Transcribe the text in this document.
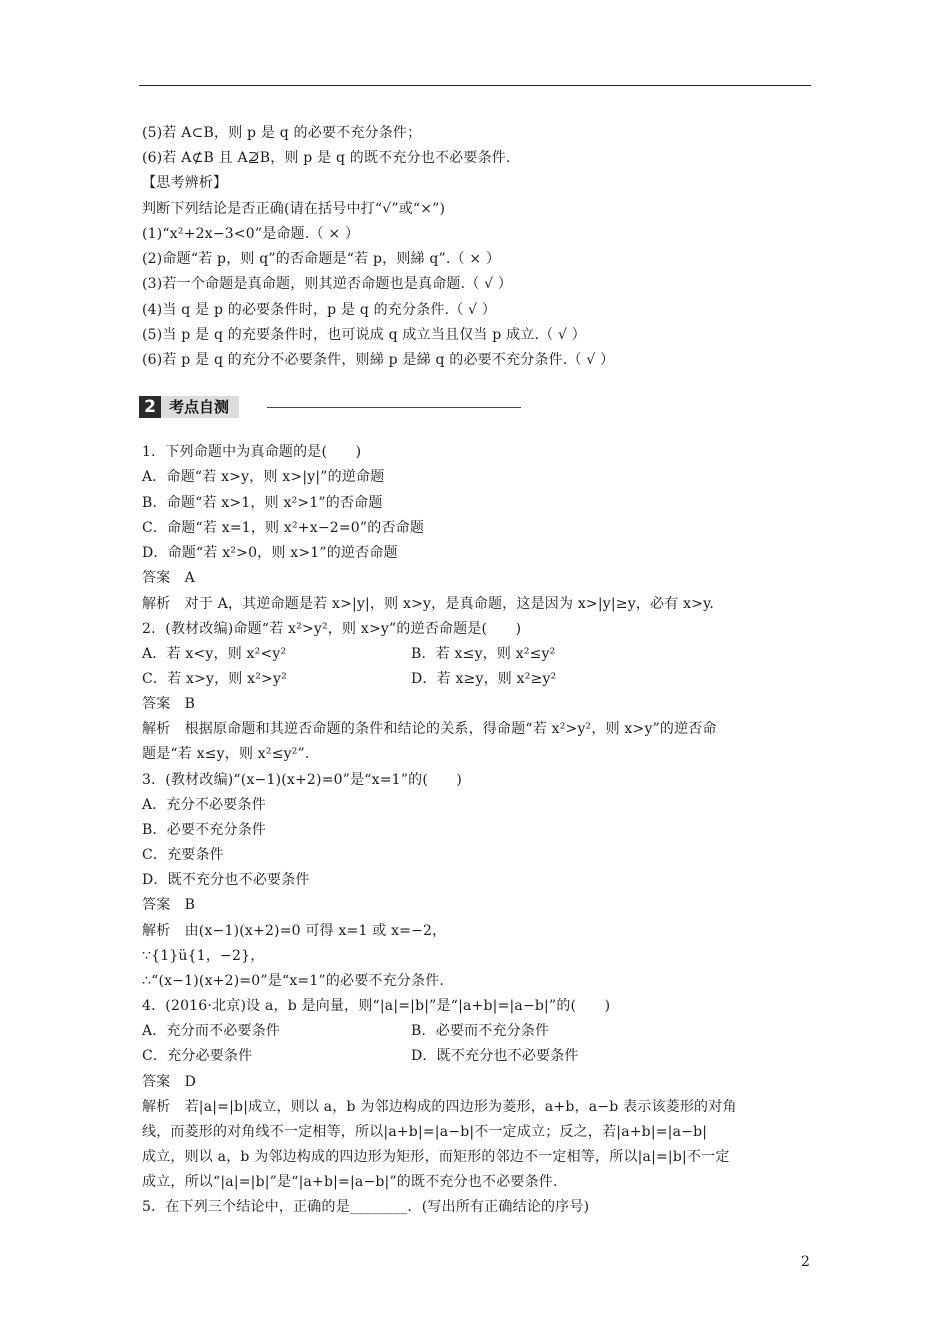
(5)若 A⊂B，则 p 是 q 的必要不充分条件；
(6)若 A⊄B 且 A⊉B，则 p 是 q 的既不充分也不必要条件.
【思考辨析】
判断下列结论是否正确(请在括号中打“√”或“×”)
(1)“x²+2x−3<0”是命题.（ × ）
(2)命题“若 p，则 q”的否命题是“若 p，则綈 q”.（ × ）
(3)若一个命题是真命题，则其逆否命题也是真命题.（ √ ）
(4)当 q 是 p 的必要条件时，p 是 q 的充分条件.（ √ ）
(5)当 p 是 q 的充要条件时，也可说成 q 成立当且仅当 p 成立.（ √ ）
(6)若 p 是 q 的充分不必要条件，则綈 p 是綈 q 的必要不充分条件.（ √ ）
2 考点自测
1．下列命题中为真命题的是(　　)
A．命题“若 x>y，则 x>|y|”的逆命题
B．命题“若 x>1，则 x²>1”的否命题
C．命题“若 x=1，则 x²+x−2=0”的否命题
D．命题“若 x²>0，则 x>1”的逆否命题
答案　A
解析　对于 A，其逆命题是若 x>|y|，则 x>y，是真命题，这是因为 x>|y|≥y，必有 x>y.
2．(教材改编)命题“若 x²>y²，则 x>y”的逆否命题是(　　)
A．若 x<y，则 x²<y²	B．若 x≤y，则 x²≤y²
C．若 x>y，则 x²>y²	D．若 x≥y，则 x²≥y²
答案　B
解析　根据原命题和其逆否命题的条件和结论的关系，得命题“若 x²>y²，则 x>y”的逆否命
题是“若 x≤y，则 x²≤y²”.
3．(教材改编)“(x−1)(x+2)=0”是“x=1”的(　　)
A．充分不必要条件
B．必要不充分条件
C．充要条件
D．既不充分也不必要条件
答案　B
解析　由(x−1)(x+2)=0 可得 x=1 或 x=−2，
∵{1}ü{1，−2}，
∴“(x−1)(x+2)=0”是“x=1”的必要不充分条件.
4．(2016·北京)设 a，b 是向量，则“|a|=|b|”是“|a+b|=|a−b|”的(　　)
A．充分而不必要条件	B．必要而不充分条件
C．充分必要条件	D．既不充分也不必要条件
答案　D
解析　若|a|=|b|成立，则以 a，b 为邻边构成的四边形为菱形，a+b，a−b 表示该菱形的对角
线，而菱形的对角线不一定相等，所以|a+b|=|a−b|不一定成立；反之，若|a+b|=|a−b|
成立，则以 a，b 为邻边构成的四边形为矩形，而矩形的邻边不一定相等，所以|a|=|b|不一定
成立，所以“|a|=|b|”是“|a+b|=|a−b|”的既不充分也不必要条件.
5．在下列三个结论中，正确的是________．(写出所有正确结论的序号)
2
